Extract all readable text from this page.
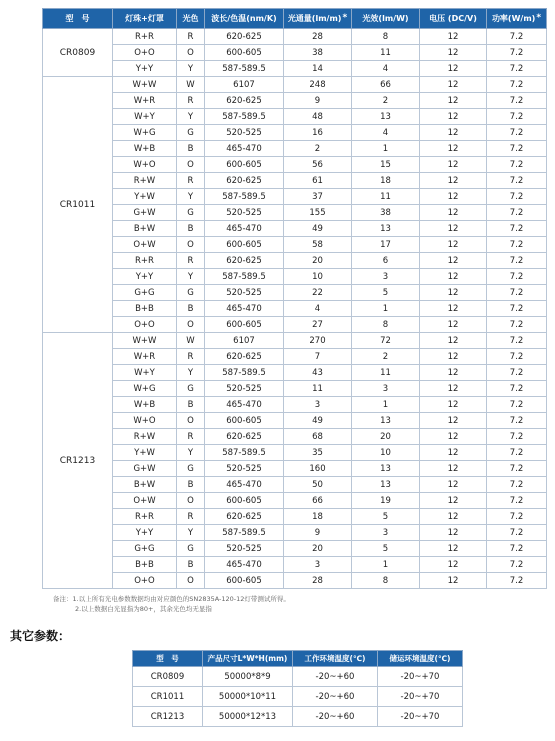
型　号	灯珠+灯罩	光色	波长/色温(nm/K)	光通量(lm/m)*	光效(lm/W)	电压 (DC/V)	功率(W/m)*
CR0809	R+R	R	620-625	28	8	12	7.2
	O+O	O	600-605	38	11	12	7.2
	Y+Y	Y	587-589.5	14	4	12	7.2
CR1011	W+W	W	6107	248	66	12	7.2
	W+R	R	620-625	9	2	12	7.2
	W+Y	Y	587-589.5	48	13	12	7.2
	W+G	G	520-525	16	4	12	7.2
	W+B	B	465-470	2	1	12	7.2
	W+O	O	600-605	56	15	12	7.2
	R+W	R	620-625	61	18	12	7.2
	Y+W	Y	587-589.5	37	11	12	7.2
	G+W	G	520-525	155	38	12	7.2
	B+W	B	465-470	49	13	12	7.2
	O+W	O	600-605	58	17	12	7.2
	R+R	R	620-625	20	6	12	7.2
	Y+Y	Y	587-589.5	10	3	12	7.2
	G+G	G	520-525	22	5	12	7.2
	B+B	B	465-470	4	1	12	7.2
	O+O	O	600-605	27	8	12	7.2
CR1213	W+W	W	6107	270	72	12	7.2
	W+R	R	620-625	7	2	12	7.2
	W+Y	Y	587-589.5	43	11	12	7.2
	W+G	G	520-525	11	3	12	7.2
	W+B	B	465-470	3	1	12	7.2
	W+O	O	600-605	49	13	12	7.2
	R+W	R	620-625	68	20	12	7.2
	Y+W	Y	587-589.5	35	10	12	7.2
	G+W	G	520-525	160	13	12	7.2
	B+W	B	465-470	50	13	12	7.2
	O+W	O	600-605	66	19	12	7.2
	R+R	R	620-625	18	5	12	7.2
	Y+Y	Y	587-589.5	9	3	12	7.2
	G+G	G	520-525	20	5	12	7.2
	B+B	B	465-470	3	1	12	7.2
	O+O	O	600-605	28	8	12	7.2
备注：1.以上所有光电参数数据均由对应颜色的SN2835A-120-12灯带测试所得。
2.以上数据白光显指为80+，其余光色均无显指
其它参数：
型　号	产品尺寸L*W*H(mm)	工作环境温度(℃)	储运环境温度(℃)
CR0809	50000*8*9	-20~+60	-20~+70
CR1011	50000*10*11	-20~+60	-20~+70
CR1213	50000*12*13	-20~+60	-20~+70
